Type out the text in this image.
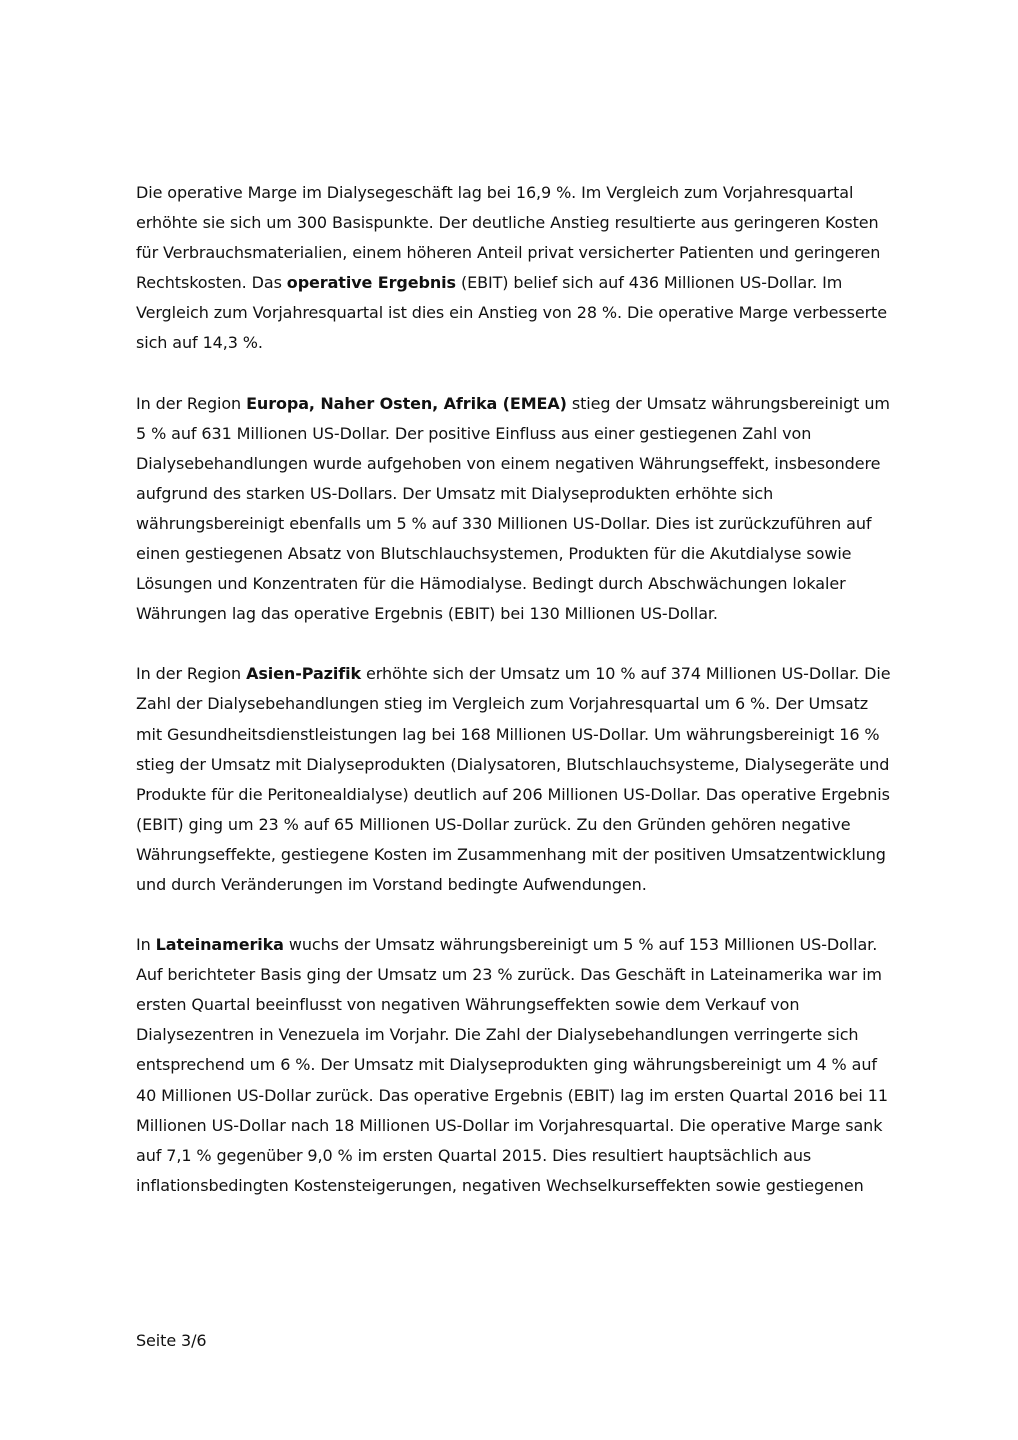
Die operative Marge im Dialysegeschäft lag bei 16,9 %. Im Vergleich zum Vorjahresquartal erhöhte sie sich um 300 Basispunkte. Der deutliche Anstieg resultierte aus geringeren Kosten für Verbrauchsmaterialien, einem höheren Anteil privat versicherter Patienten und geringeren Rechtskosten. Das operative Ergebnis (EBIT) belief sich auf 436 Millionen US-Dollar. Im Vergleich zum Vorjahresquartal ist dies ein Anstieg von 28 %. Die operative Marge verbesserte sich auf 14,3 %.

In der Region Europa, Naher Osten, Afrika (EMEA) stieg der Umsatz währungsbereinigt um 5 % auf 631 Millionen US-Dollar. Der positive Einfluss aus einer gestiegenen Zahl von Dialysebehandlungen wurde aufgehoben von einem negativen Währungseffekt, insbesondere aufgrund des starken US-Dollars. Der Umsatz mit Dialyseprodukten erhöhte sich währungsbereinigt ebenfalls um 5 % auf 330 Millionen US-Dollar. Dies ist zurückzuführen auf einen gestiegenen Absatz von Blutschlauchsystemen, Produkten für die Akutdialyse sowie Lösungen und Konzentraten für die Hämodialyse. Bedingt durch Abschwächungen lokaler Währungen lag das operative Ergebnis (EBIT) bei 130 Millionen US-Dollar.

In der Region Asien-Pazifik erhöhte sich der Umsatz um 10 % auf 374 Millionen US-Dollar. Die Zahl der Dialysebehandlungen stieg im Vergleich zum Vorjahresquartal um 6 %. Der Umsatz mit Gesundheitsdienstleistungen lag bei 168 Millionen US-Dollar. Um währungsbereinigt 16 % stieg der Umsatz mit Dialyseprodukten (Dialysatoren, Blutschlauchsysteme, Dialysegeräte und Produkte für die Peritonealdialyse) deutlich auf 206 Millionen US-Dollar. Das operative Ergebnis (EBIT) ging um 23 % auf 65 Millionen US-Dollar zurück. Zu den Gründen gehören negative Währungseffekte, gestiegene Kosten im Zusammenhang mit der positiven Umsatzentwicklung und durch Veränderungen im Vorstand bedingte Aufwendungen.

In Lateinamerika wuchs der Umsatz währungsbereinigt um 5 % auf 153 Millionen US-Dollar. Auf berichteter Basis ging der Umsatz um 23 % zurück. Das Geschäft in Lateinamerika war im ersten Quartal beeinflusst von negativen Währungseffekten sowie dem Verkauf von Dialysezentren in Venezuela im Vorjahr. Die Zahl der Dialysebehandlungen verringerte sich entsprechend um 6 %. Der Umsatz mit Dialyseprodukten ging währungsbereinigt um 4 % auf 40 Millionen US-Dollar zurück. Das operative Ergebnis (EBIT) lag im ersten Quartal 2016 bei 11 Millionen US-Dollar nach 18 Millionen US-Dollar im Vorjahresquartal. Die operative Marge sank auf 7,1 % gegenüber 9,0 % im ersten Quartal 2015. Dies resultiert hauptsächlich aus inflationsbedingten Kostensteigerungen, negativen Wechselkurseffekten sowie gestiegenen

Seite 3/6
